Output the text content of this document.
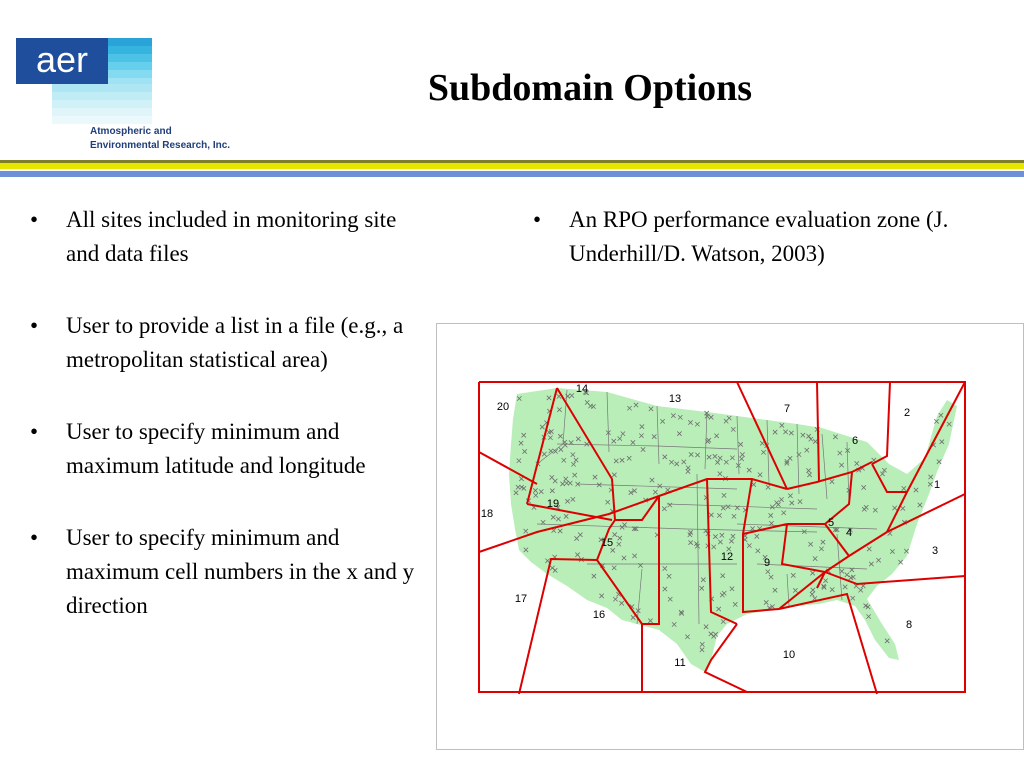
aer
Atmospheric and
Environmental Research, Inc.
Subdomain Options
• All sites included in monitoring site and data files
• User to provide a list in a file (e.g., a metropolitan statistical area)
• User to specify minimum and maximum latitude and longitude
• User to specify minimum and maximum cell numbers in the x and y direction
• An RPO performance evaluation zone (J. Underhill/D. Watson, 2003)
1
2
3
4
5
6
7
8
9
10
11
12
13
14
15
16
17
18
19
20
